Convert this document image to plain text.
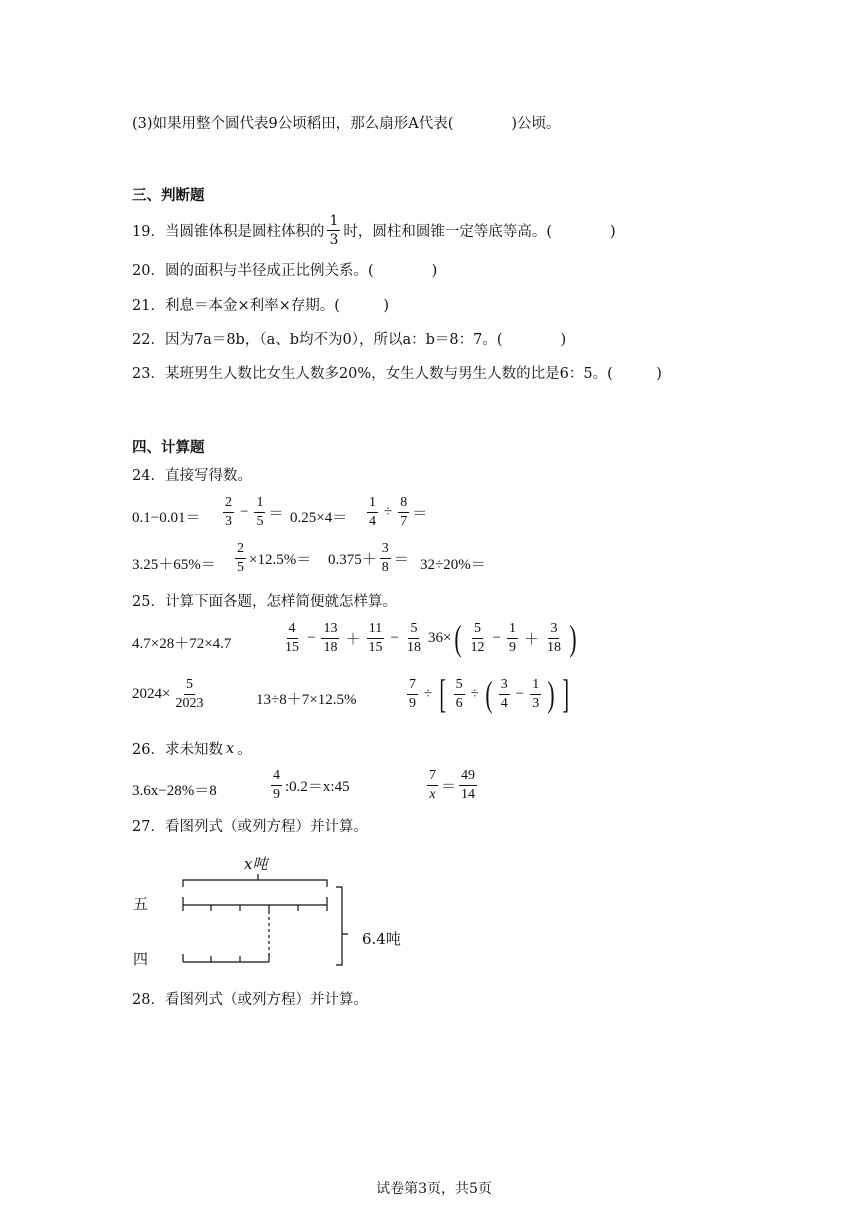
(3)如果用整个圆代表9公顷稻田，那么扇形A代表(　　　　)公顷。
三、判断题
19．当圆锥体积是圆柱体积的 $\frac{1}{3}$ 时，圆柱和圆锥一定等底等高。(　　　　)
20．圆的面积与半径成正比例关系。(　　　　)
21．利息＝本金×利率×存期。(　　　)
22．因为7a＝8b，（a、b均不为0），所以a：b＝8：7。(　　　　)
23．某班男生人数比女生人数多20%，女生人数与男生人数的比是6：5。(　　　)
四、计算题
24．直接写得数。
$0.1-0.01= \frac{2}{3} - \frac{1}{5} = 0.25\times 4= \frac{1}{4} \div \frac{8}{7}$ ＝
$3.25+65\%= \frac{2}{5} \times 12.5\%= 0.375+ \frac{3}{8} = 32\div 20\%=$
25．计算下面各题，怎样简便就怎样算。
4.7×28＋72×4.7	$\frac{4}{15} - \frac{13}{18} + \frac{11}{15} - \frac{5}{18} 36\times$ ( $\frac{5}{12} - \frac{1}{9} + \frac{3}{18}$ )
$2024\times \frac{5}{2023}$	13÷8＋7×12.5%	$\frac{7}{9}$ ÷ [ $\frac{5}{6}$ ÷ ( $\frac{3}{4} - \frac{1}{3}$ ) ]
26．求未知数 x 。
3.6x−28%＝8	$\frac{4}{9}$ :0.2＝x:45	$\frac{7}{x} = \frac{49}{14}$
27．看图列式（或列方程）并计算。
x吨
五
四
6.4吨
28．看图列式（或列方程）并计算。
试卷第3页，共5页
